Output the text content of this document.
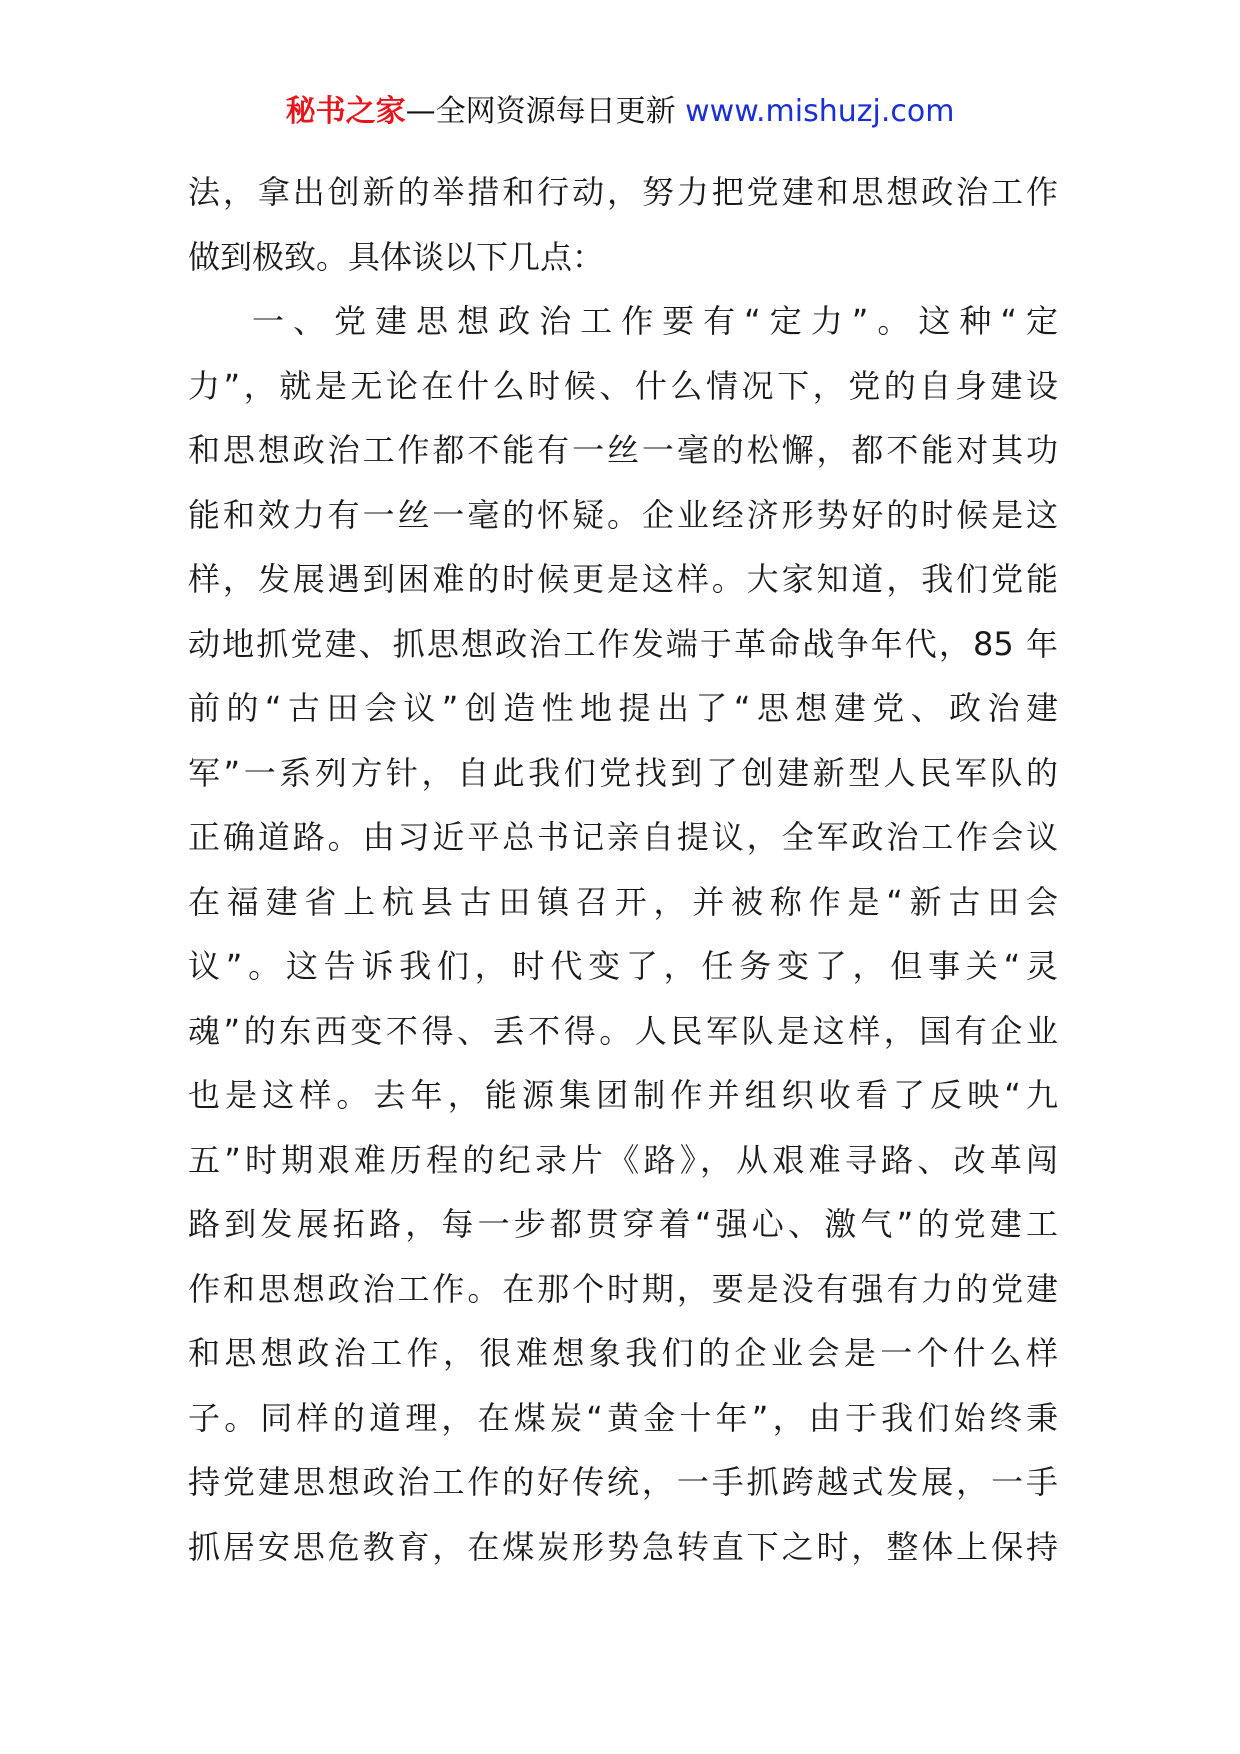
秘书之家—全网资源每日更新 www.mishuzj.com
法，拿出创新的举措和行动，努力把党建和思想政治工作
做到极致。具体谈以下几点：
一、党建思想政治工作要有“定力”。这种“定
力”，就是无论在什么时候、什么情况下，党的自身建设
和思想政治工作都不能有一丝一毫的松懈，都不能对其功
能和效力有一丝一毫的怀疑。企业经济形势好的时候是这
样，发展遇到困难的时候更是这样。大家知道，我们党能
动地抓党建、抓思想政治工作发端于革命战争年代，85 年
前的“古田会议”创造性地提出了“思想建党、政治建
军”一系列方针，自此我们党找到了创建新型人民军队的
正确道路。由习近平总书记亲自提议，全军政治工作会议
在福建省上杭县古田镇召开，并被称作是“新古田会
议”。这告诉我们，时代变了，任务变了，但事关“灵
魂”的东西变不得、丢不得。人民军队是这样，国有企业
也是这样。去年，能源集团制作并组织收看了反映“九
五”时期艰难历程的纪录片《路》，从艰难寻路、改革闯
路到发展拓路，每一步都贯穿着“强心、激气”的党建工
作和思想政治工作。在那个时期，要是没有强有力的党建
和思想政治工作，很难想象我们的企业会是一个什么样
子。同样的道理，在煤炭“黄金十年”，由于我们始终秉
持党建思想政治工作的好传统，一手抓跨越式发展，一手
抓居安思危教育，在煤炭形势急转直下之时，整体上保持
